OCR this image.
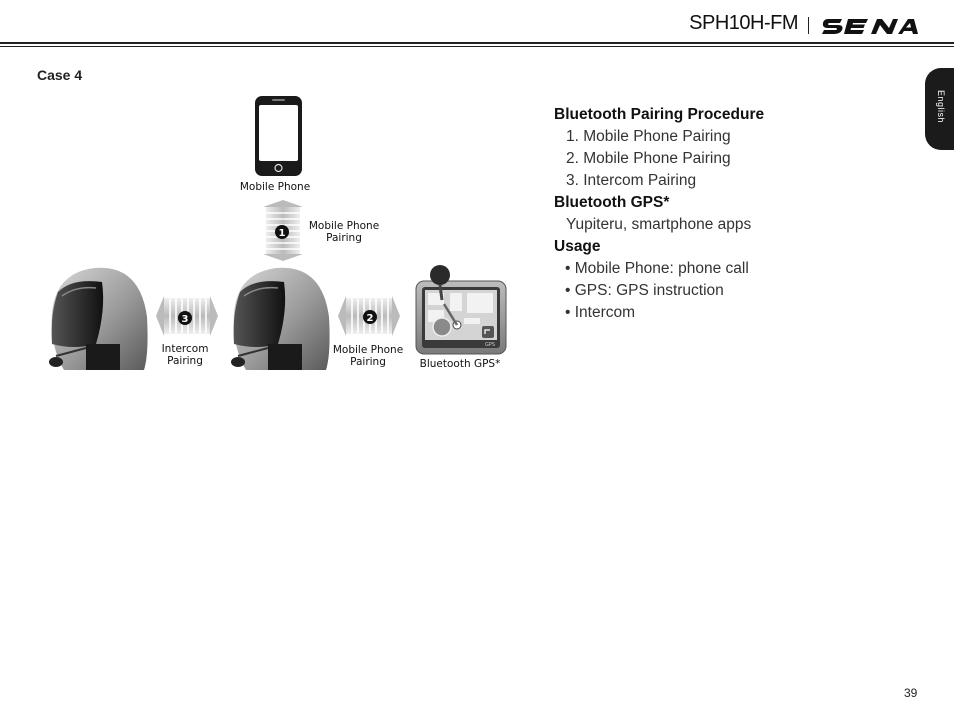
SPH10H-FM
English
Case 4
GPS
1
3	2
Mobile Phone
Mobile Phone
Pairing
Intercom
Pairing
Mobile Phone
Pairing	Bluetooth GPS*
Bluetooth Pairing Procedure
1. Mobile Phone Pairing
2. Mobile Phone Pairing
3. Intercom Pairing
Bluetooth GPS*
Yupiteru, smartphone apps
Usage
• Mobile Phone: phone call
• GPS: GPS instruction
• Intercom
39
